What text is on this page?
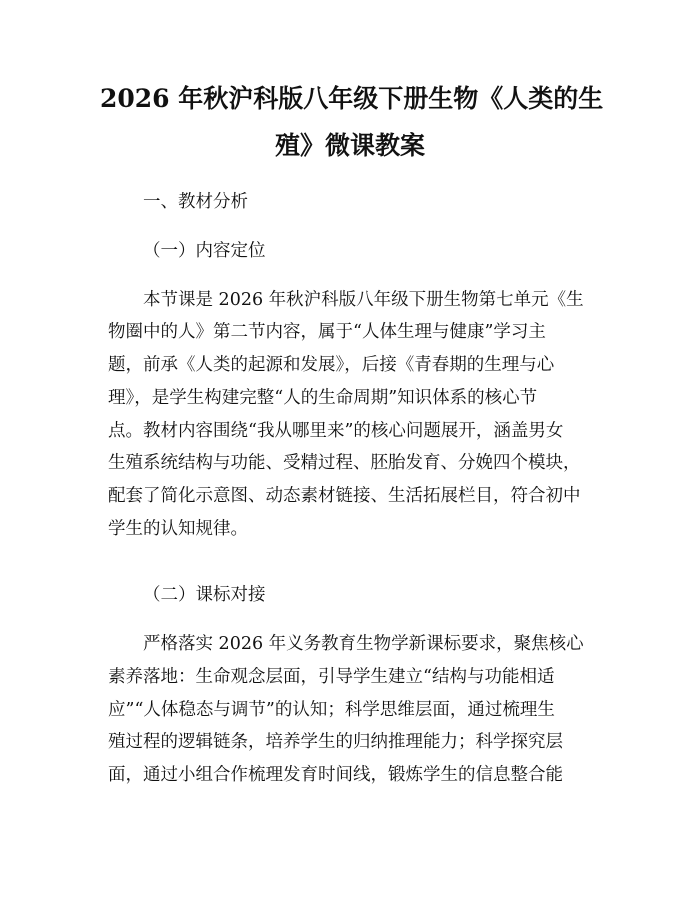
2026 年秋沪科版八年级下册生物《人类的生
殖》微课教案

一、教材分析

（一）内容定位

本节课是 2026 年秋沪科版八年级下册生物第七单元《生

物圈中的人》第二节内容，属于“人体生理与健康”学习主

题，前承《人类的起源和发展》，后接《青春期的生理与心

理》，是学生构建完整“人的生命周期”知识体系的核心节

点。教材内容围绕“我从哪里来”的核心问题展开，涵盖男女

生殖系统结构与功能、受精过程、胚胎发育、分娩四个模块，

配套了简化示意图、动态素材链接、生活拓展栏目，符合初中

学生的认知规律。

（二）课标对接

严格落实 2026 年义务教育生物学新课标要求，聚焦核心

素养落地：生命观念层面，引导学生建立“结构与功能相适

应”“人体稳态与调节”的认知；科学思维层面，通过梳理生

殖过程的逻辑链条，培养学生的归纳推理能力；科学探究层

面，通过小组合作梳理发育时间线，锻炼学生的信息整合能
